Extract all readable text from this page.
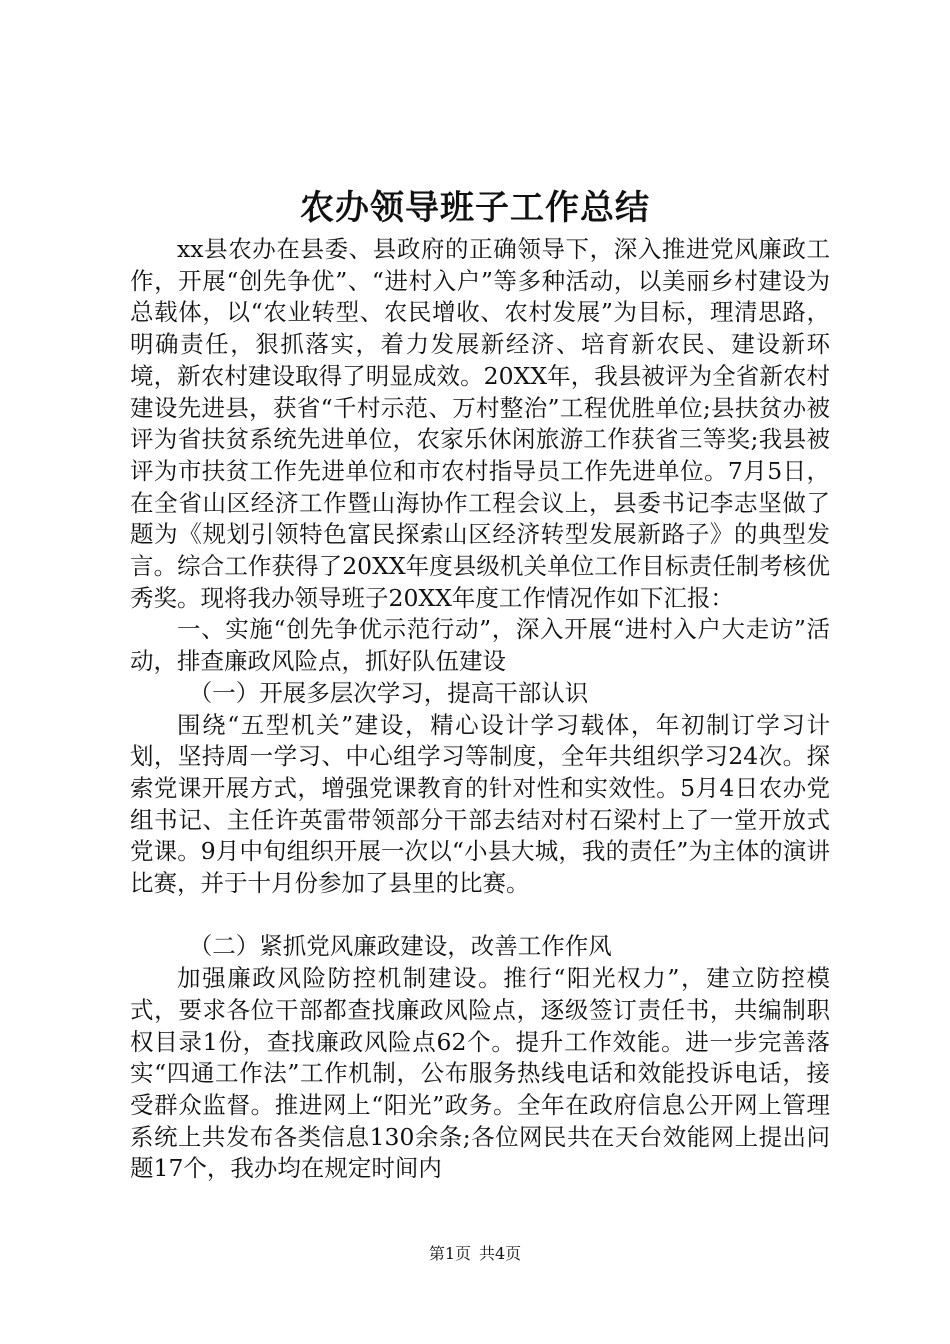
农办领导班子工作总结

xx县农办在县委、县政府的正确领导下，深入推进党风廉政工作，开展“创先争优”、“进村入户”等多种活动，以美丽乡村建设为总载体，以“农业转型、农民增收、农村发展”为目标，理清思路，明确责任，狠抓落实，着力发展新经济、培育新农民、建设新环境，新农村建设取得了明显成效。20XX年，我县被评为全省新农村建设先进县，获省“千村示范、万村整治”工程优胜单位;县扶贫办被评为省扶贫系统先进单位，农家乐休闲旅游工作获省三等奖;我县被评为市扶贫工作先进单位和市农村指导员工作先进单位。7月5日，在全省山区经济工作暨山海协作工程会议上，县委书记李志坚做了题为《规划引领特色富民探索山区经济转型发展新路子》的典型发言。综合工作获得了20XX年度县级机关单位工作目标责任制考核优秀奖。现将我办领导班子20XX年度工作情况作如下汇报：

一、实施“创先争优示范行动”，深入开展“进村入户大走访”活动，排查廉政风险点，抓好队伍建设

（一）开展多层次学习，提高干部认识

围绕“五型机关”建设，精心设计学习载体，年初制订学习计划，坚持周一学习、中心组学习等制度，全年共组织学习24次。探索党课开展方式，增强党课教育的针对性和实效性。5月4日农办党组书记、主任许英雷带领部分干部去结对村石梁村上了一堂开放式党课。9月中旬组织开展一次以“小县大城，我的责任”为主体的演讲比赛，并于十月份参加了县里的比赛。

（二）紧抓党风廉政建设，改善工作作风

加强廉政风险防控机制建设。推行“阳光权力”，建立防控模式，要求各位干部都查找廉政风险点，逐级签订责任书，共编制职权目录1份，查找廉政风险点62个。提升工作效能。进一步完善落实“四通工作法”工作机制，公布服务热线电话和效能投诉电话，接受群众监督。推进网上“阳光”政务。全年在政府信息公开网上管理系统上共发布各类信息130余条;各位网民共在天台效能网上提出问题17个，我办均在规定时间内

第1页 共4页
